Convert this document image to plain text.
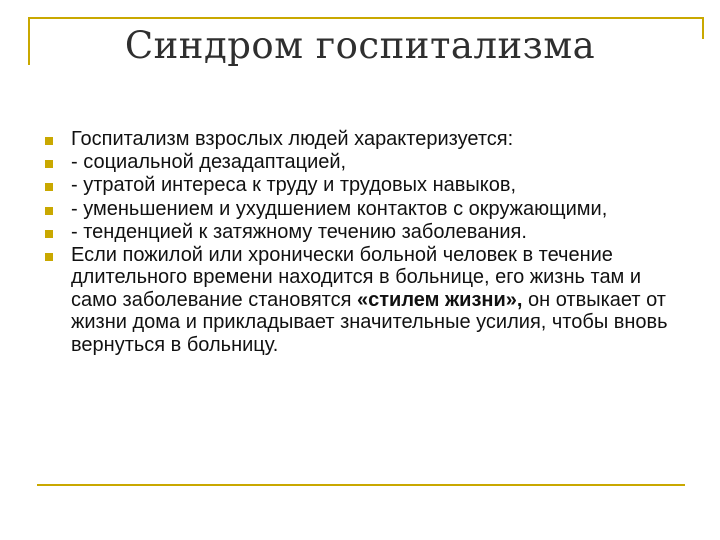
Синдром госпитализма
Госпитализм взрослых людей характеризуется:
- социальной дезадаптацией,
- утратой интереса к труду и трудовых навыков,
- уменьшением и ухудшением контактов с окружающими,
- тенденцией к затяжному течению заболевания.
Если пожилой или хронически больной человек в течение длительного времени находится в больнице, его жизнь там и само заболевание становятся «стилем жизни», он отвыкает от жизни дома и прикладывает значительные усилия, чтобы вновь вернуться в больницу.
